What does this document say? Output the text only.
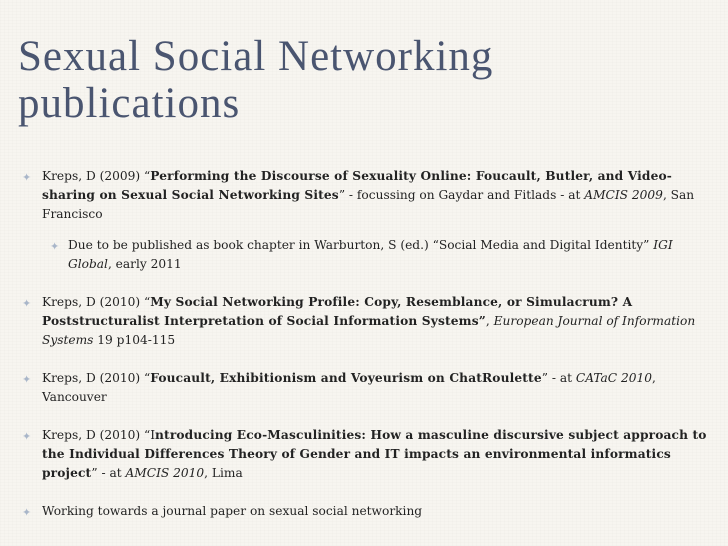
Sexual Social Networking
publications
✦ Kreps, D (2009) “Performing the Discourse of Sexuality Online: Foucault, Butler, and Video-sharing on Sexual Social Networking Sites” - focussing on Gaydar and Fitlads - at AMCIS 2009, San Francisco
✦ Due to be published as book chapter in Warburton, S (ed.) “Social Media and Digital Identity” IGI Global, early 2011
✦ Kreps, D (2010) “My Social Networking Profile: Copy, Resemblance, or Simulacrum? A Poststructuralist Interpretation of Social Information Systems”, European Journal of Information Systems 19 p104-115
✦ Kreps, D (2010) “Foucault, Exhibitionism and Voyeurism on ChatRoulette” - at CATaC 2010, Vancouver
✦ Kreps, D (2010) “Introducing Eco-Masculinities: How a masculine discursive subject approach to the Individual Differences Theory of Gender and IT impacts an environmental informatics project” - at AMCIS 2010, Lima
✦ Working towards a journal paper on sexual social networking
